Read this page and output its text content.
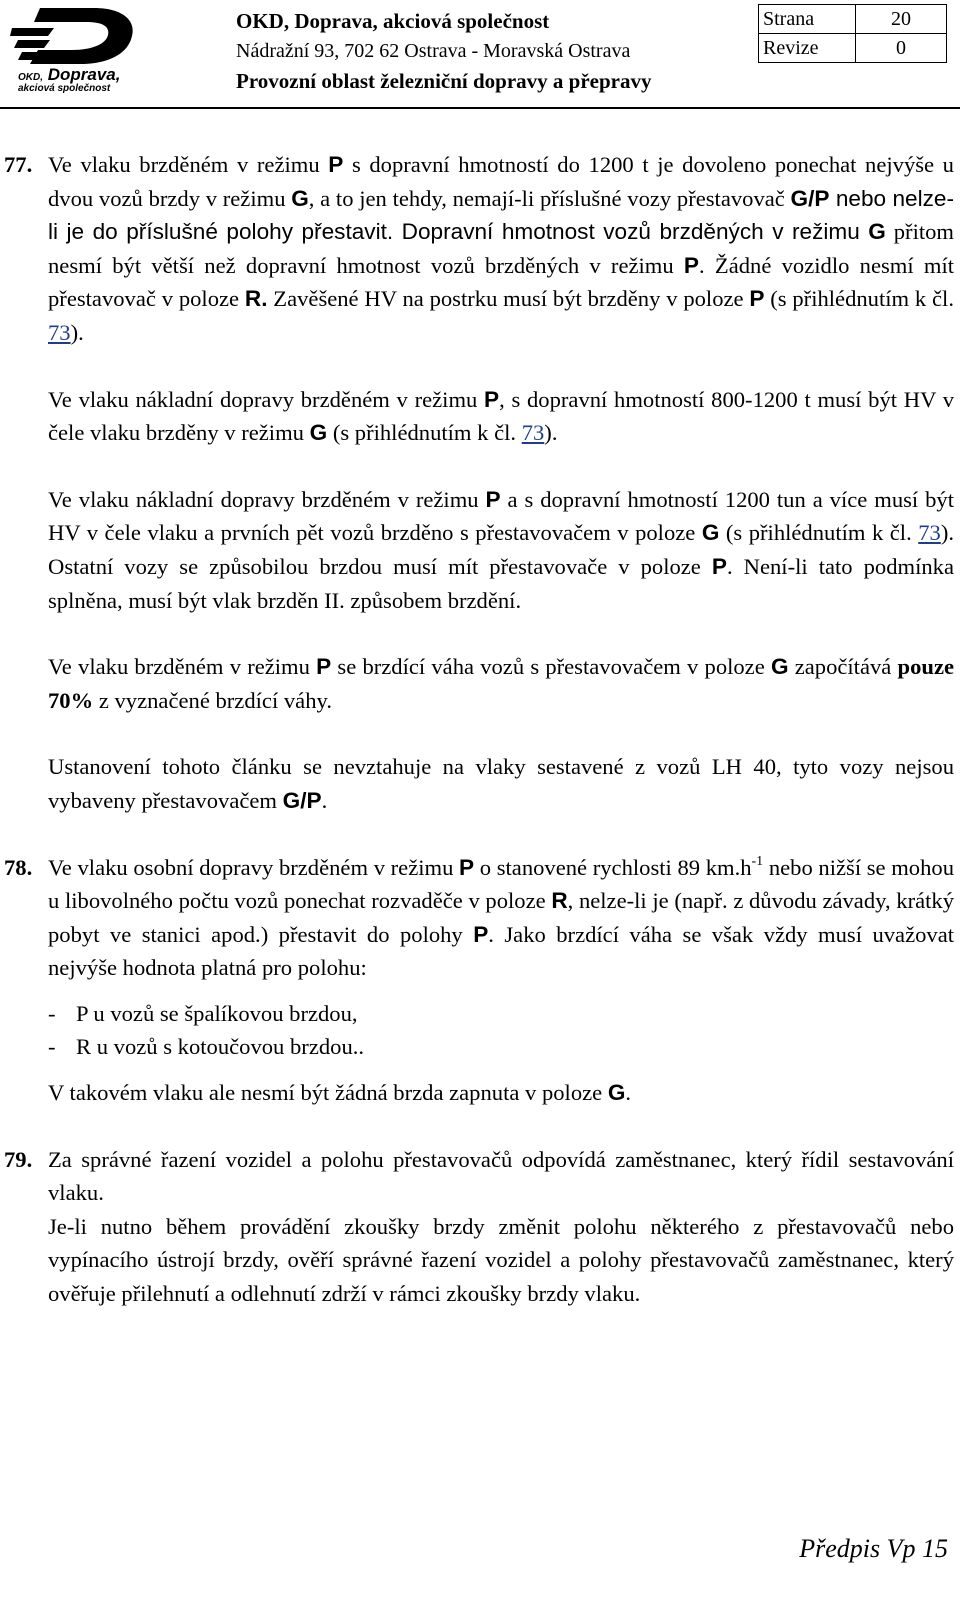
OKD, Doprava,
akciová společnost
OKD, Doprava, akciová společnost
Nádražní 93, 702 62 Ostrava - Moravská Ostrava
Provozní oblast železniční dopravy a přepravy
Strana	20
Revize	0
77. Ve vlaku brzděném v režimu P s dopravní hmotností do 1200 t je dovoleno ponechat nejvýše u dvou vozů brzdy v režimu G, a to jen tehdy, nemají-li příslušné vozy přestavovač G/P nebo nelze-li je do příslušné polohy přestavit. Dopravní hmotnost vozů brzděných v režimu G přitom nesmí být větší než dopravní hmotnost vozů brzděných v režimu P. Žádné vozidlo nesmí mít přestavovač v poloze R. Zavěšené HV na postrku musí být brzděny v poloze P (s přihlédnutím k čl. 73).

Ve vlaku nákladní dopravy brzděném v režimu P, s dopravní hmotností 800-1200 t musí být HV v čele vlaku brzděny v režimu G (s přihlédnutím k čl. 73).

Ve vlaku nákladní dopravy brzděném v režimu P a s dopravní hmotností 1200 tun a více musí být HV v čele vlaku a prvních pět vozů brzděno s přestavovačem v poloze G (s přihlédnutím k čl. 73). Ostatní vozy se způsobilou brzdou musí mít přestavovače v poloze P. Není-li tato podmínka splněna, musí být vlak brzděn II. způsobem brzdění.

Ve vlaku brzděném v režimu P se brzdící váha vozů s přestavovačem v poloze G započítává pouze 70% z vyznačené brzdící váhy.

Ustanovení tohoto článku se nevztahuje na vlaky sestavené z vozů LH 40, tyto vozy nejsou vybaveny přestavovačem G/P.

78. Ve vlaku osobní dopravy brzděném v režimu P o stanovené rychlosti 89 $km.h^{-1}$ nebo nižší se mohou u libovolného počtu vozů ponechat rozvaděče v poloze R, nelze-li je (např. z důvodu závady, krátký pobyt ve stanici apod.) přestavit do polohy P. Jako brzdící váha se však vždy musí uvažovat nejvýše hodnota platná pro polohu:

- P u vozů se špalíkovou brzdou,
- R u vozů s kotoučovou brzdou..

V takovém vlaku ale nesmí být žádná brzda zapnuta v poloze G.

79. Za správné řazení vozidel a polohu přestavovačů odpovídá zaměstnanec, který řídil sestavování vlaku.

Je-li nutno během provádění zkoušky brzdy změnit polohu některého z přestavovačů nebo vypínacího ústrojí brzdy, ověří správné řazení vozidel a polohy přestavovačů zaměstnanec, který ověřuje přilehnutí a odlehnutí zdrží v rámci zkoušky brzdy vlaku.

Předpis Vp 15
